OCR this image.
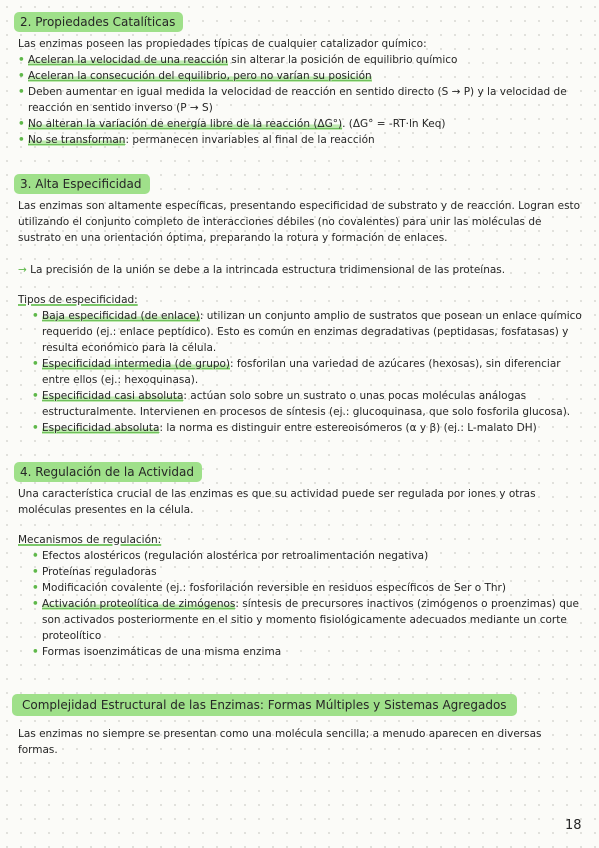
2. Propiedades Catalíticas

Las enzimas poseen las propiedades típicas de cualquier catalizador químico:

• Aceleran la velocidad de una reacción sin alterar la posición de equilibrio químico
• Aceleran la consecución del equilibrio, pero no varían su posición
• Deben aumentar en igual medida la velocidad de reacción en sentido directo (S → P) y la velocidad de reacción en sentido inverso (P → S)
• No alteran la variación de energía libre de la reacción (ΔG°). (ΔG° = -RT·ln Keq)
• No se transforman: permanecen invariables al final de la reacción
3. Alta Especificidad

Las enzimas son altamente específicas, presentando especificidad de substrato y de reacción. Logran esto utilizando el conjunto completo de interacciones débiles (no covalentes) para unir las moléculas de sustrato en una orientación óptima, preparando la rotura y formación de enlaces.

→ La precisión de la unión se debe a la intrincada estructura tridimensional de las proteínas.

Tipos de especificidad:

• Baja especificidad (de enlace): utilizan un conjunto amplio de sustratos que posean un enlace químico requerido (ej.: enlace peptídico). Esto es común en enzimas degradativas (peptidasas, fosfatasas) y resulta económico para la célula.
• Especificidad intermedia (de grupo): fosforilan una variedad de azúcares (hexosas), sin diferenciar entre ellos (ej.: hexoquinasa).
• Especificidad casi absoluta: actúan solo sobre un sustrato o unas pocas moléculas análogas estructuralmente. Intervienen en procesos de síntesis (ej.: glucoquinasa, que solo fosforila glucosa).
• Especificidad absoluta: la norma es distinguir entre estereoisómeros (α y β) (ej.: L-malato DH)
4. Regulación de la Actividad

Una característica crucial de las enzimas es que su actividad puede ser regulada por iones y otras moléculas presentes en la célula.

Mecanismos de regulación:

• Efectos alostéricos (regulación alostérica por retroalimentación negativa)
• Proteínas reguladoras
• Modificación covalente (ej.: fosforilación reversible en residuos específicos de Ser o Thr)
• Activación proteolítica de zimógenos: síntesis de precursores inactivos (zimógenos o proenzimas) que son activados posteriormente en el sitio y momento fisiológicamente adecuados mediante un corte proteolítico
• Formas isoenzimáticas de una misma enzima
Complejidad Estructural de las Enzimas: Formas Múltiples y Sistemas Agregados

Las enzimas no siempre se presentan como una molécula sencilla; a menudo aparecen en diversas formas.

18
